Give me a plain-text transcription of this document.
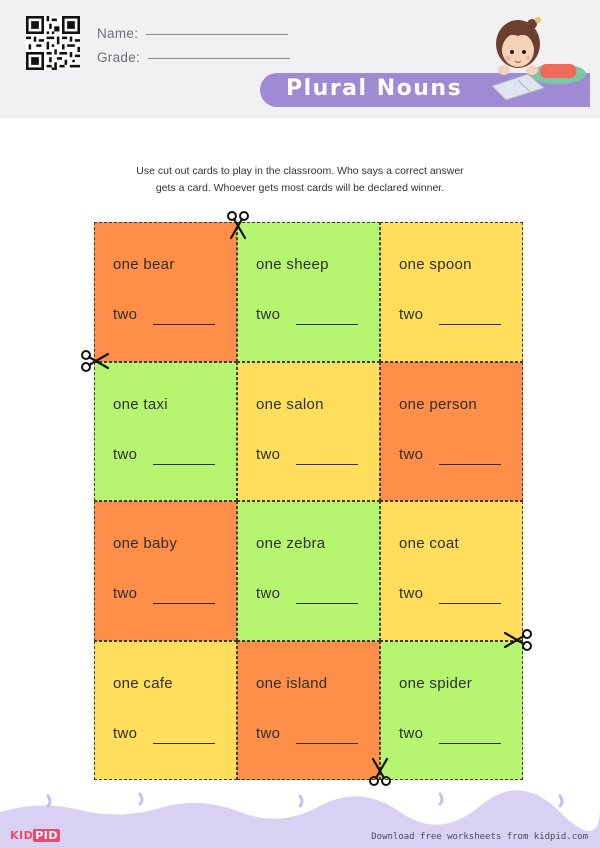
Name:
Grade:
Plural Nouns
Use cut out cards to play in the classroom. Who says a correct answer
gets a card. Whoever gets most cards will be declared winner.
one bear
two
one sheep
two
one spoon
two
one taxi
two
one salon
two
one person
two
one baby
two
one zebra
two
one coat
two
one cafe
two
one island
two
one spider
two
KID PID	Download free worksheets from kidpid.com
